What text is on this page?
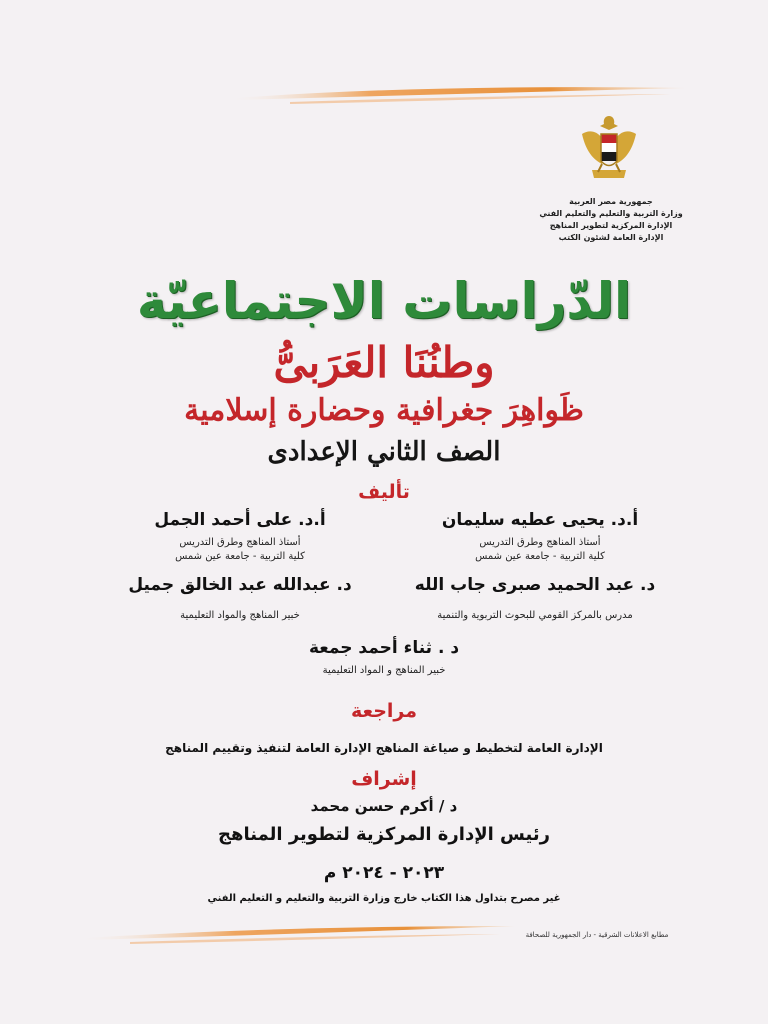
جمهورية مصر العربية
وزارة التربية والتعليم والتعليم الفني
الإدارة المركزية لتطوير المناهج
الإدارة العامة لشئون الكتب
الدّراسات الاجتماعيّة
وطنُنَا العَرَبىُّ
ظَواهِرَ جغرافية وحضارة إسلامية
الصف الثاني الإعدادى
تأليف
أ.د. يحيى عطيه سليمان
أستاذ المناهج وطرق التدريس
كلية التربية - جامعة عين شمس
أ.د. على أحمد الجمل
أستاذ المناهج وطرق التدريس
كلية التربية - جامعة عين شمس
د. عبد الحميد صبرى جاب الله
مدرس بالمركز القومي للبحوث التربوية والتنمية
د. عبدالله عبد الخالق جميل
خبير المناهج والمواد التعليمية
د . ثناء أحمد جمعة
خبير المناهج و المواد التعليمية
مراجعة
الإدارة العامة لتخطيط و صياغة المناهج الإدارة العامة لتنفيذ وتقييم المناهج
إشراف
د / أكرم حسن محمد
رئيس الإدارة المركزية لتطوير المناهج
٢٠٢٣ - ٢٠٢٤ م
غير مصرح بتداول هذا الكتاب خارج وزارة التربية والتعليم و التعليم الفني
مطابع الاعلانات الشرقية - دار الجمهورية للصحافة
